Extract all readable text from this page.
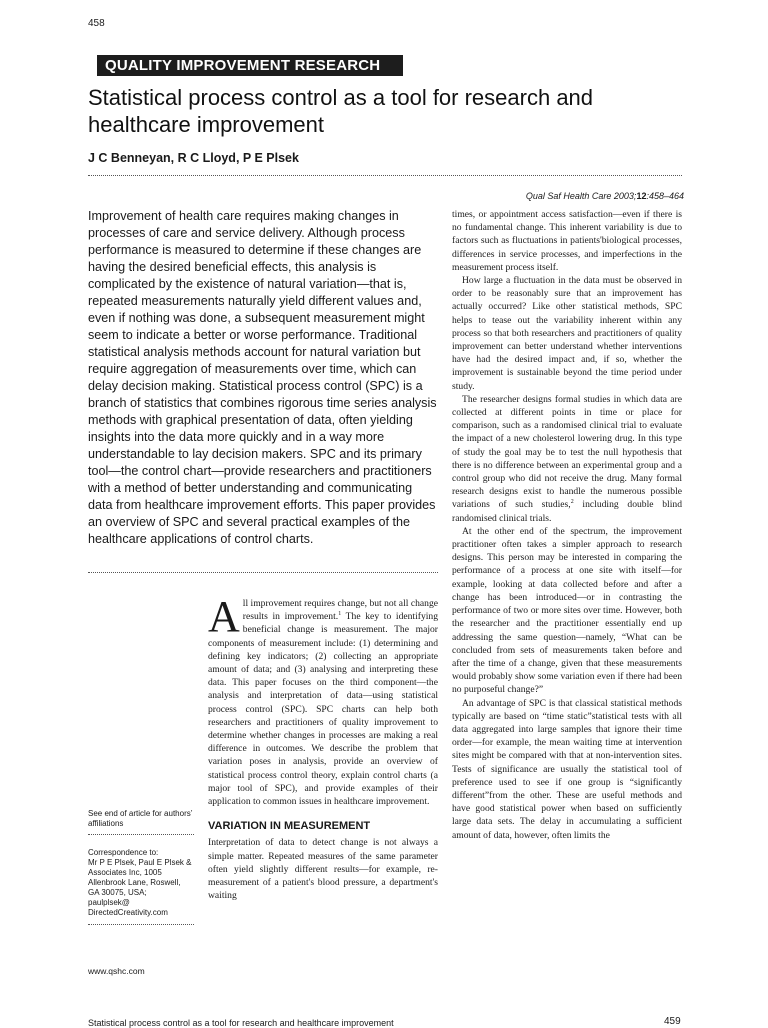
458
QUALITY IMPROVEMENT RESEARCH
Statistical process control as a tool for research and healthcare improvement
J C Benneyan, R C Lloyd, P E Plsek
Qual Saf Health Care 2003;12:458–464

Improvement of health care requires making changes in processes of care and service delivery. Although process performance is measured to determine if these changes are having the desired beneficial effects, this analysis is complicated by the existence of natural variation—that is, repeated measurements naturally yield different values and, even if nothing was done, a subsequent measurement might seem to indicate a better or worse performance. Traditional statistical analysis methods account for natural variation but require aggregation of measurements over time, which can delay decision making. Statistical process control (SPC) is a branch of statistics that combines rigorous time series analysis methods with graphical presentation of data, often yielding insights into the data more quickly and in a way more understandable to lay decision makers. SPC and its primary tool—the control chart—provide researchers and practitioners with a method of better understanding and communicating data from healthcare improvement efforts. This paper provides an overview of SPC and several practical examples of the healthcare applications of control charts.

All improvement requires change, but not all change results in improvement.$^1$ The key to identifying beneficial change is measurement. The major components of measurement include: (1) determining and defining key indicators; (2) collecting an appropriate amount of data; and (3) analysing and interpreting these data. This paper focuses on the third component—the analysis and interpretation of data—using statistical process control (SPC). SPC charts can help both researchers and practitioners of quality improvement to determine whether changes in processes are making a real difference in outcomes. We describe the problem that variation poses in analysis, provide an overview of statistical process control theory, explain control charts (a major tool of SPC), and provide examples of their application to common issues in healthcare improvement.

VARIATION IN MEASUREMENT

Interpretation of data to detect change is not always a simple matter. Repeated measures of the same parameter often yield slightly different results—for example, re-measurement of a patient's blood pressure, a department's waiting

times, or appointment access satisfaction—even if there is no fundamental change. This inherent variability is due to factors such as fluctuations in patients'biological processes, differences in service processes, and imperfections in the measurement process itself.

How large a fluctuation in the data must be observed in order to be reasonably sure that an improvement has actually occurred? Like other statistical methods, SPC helps to tease out the variability inherent within any process so that both researchers and practitioners of quality improvement can better understand whether interventions have had the desired impact and, if so, whether the improvement is sustainable beyond the time period under study.

The researcher designs formal studies in which data are collected at different points in time or place for comparison, such as a randomised clinical trial to evaluate the impact of a new cholesterol lowering drug. In this type of study the goal may be to test the null hypothesis that there is no difference between an experimental group and a control group who did not receive the drug. Many formal research designs exist to handle the numerous possible variations of such studies,$^2$ including double blind randomised clinical trials.

At the other end of the spectrum, the improvement practitioner often takes a simpler approach to research designs. This person may be interested in comparing the performance of a process at one site with itself—for example, looking at data collected before and after a change has been introduced—or in contrasting the performance of two or more sites over time. However, both the researcher and the practitioner essentially end up addressing the same question—namely, “What can be concluded from sets of measurements taken before and after the time of a change, given that these measurements would probably show some variation even if there had been no purposeful change?”

An advantage of SPC is that classical statistical methods typically are based on “time static”statistical tests with all data aggregated into large samples that ignore their time order—for example, the mean waiting time at intervention sites might be compared with that at non-intervention sites. Tests of significance are usually the statistical tool of preference used to see if one group is “significantly different”from the other. These are useful methods and have good statistical power when based on sufficiently large data sets. The delay in accumulating a sufficient amount of data, however, often limits the

See end of article for authors’ affiliations
Correspondence to:
Mr P E Plsek, Paul E Plsek &
Associates Inc, 1005
Allenbrook Lane, Roswell,
GA 30075, USA;
paulplsek@
DirectedCreativity.com
www.qshc.com
Statistical process control as a tool for research and healthcare improvement	459
